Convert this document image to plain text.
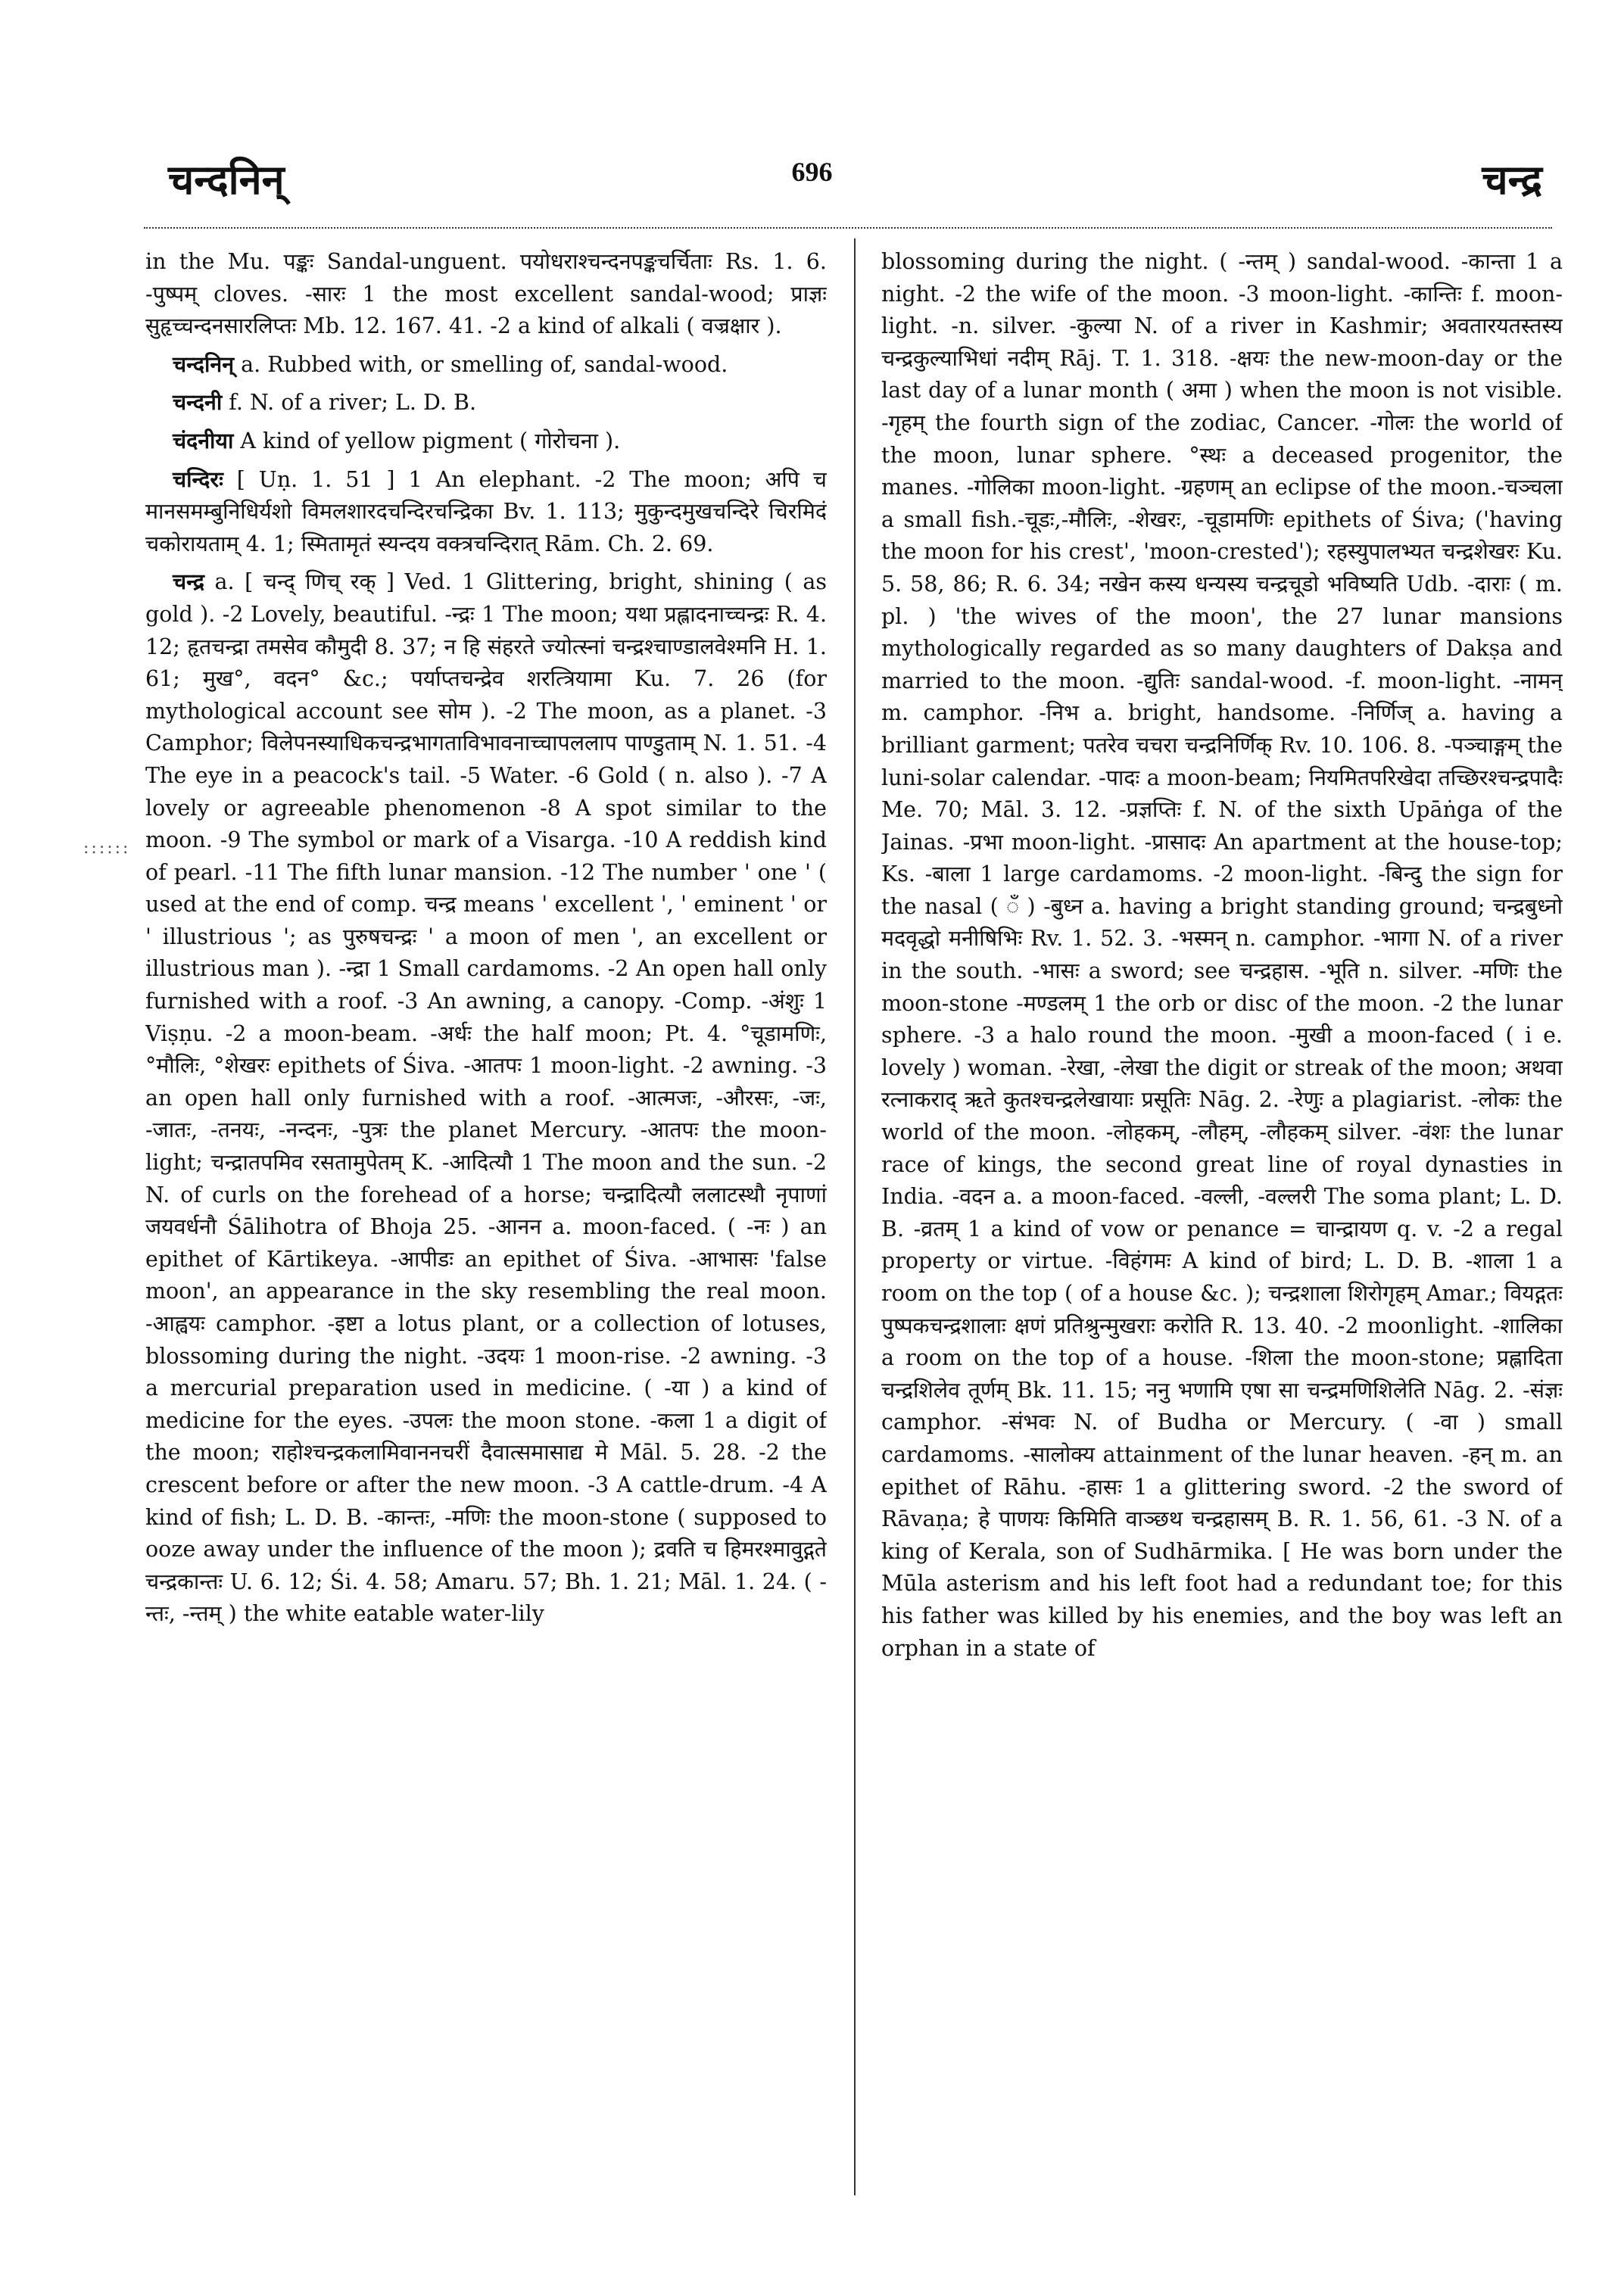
चन्दनिन्	696	चन्द्र
::::::

in the Mu. पङ्कः Sandal-unguent. पयोधराश्चन्दनपङ्कचर्चिताः Rs. 1. 6. -पुष्पम् cloves. -सारः 1 the most excellent sandal-wood; प्राज्ञः सुहृच्चन्दनसारलिप्तः Mb. 12. 167. 41. -2 a kind of alkali ( वज्रक्षार ).

चन्दनिन् a. Rubbed with, or smelling of, sandal-wood.

चन्दनी f. N. of a river; L. D. B.

चंदनीया A kind of yellow pigment ( गोरोचना ).

चन्दिरः [ Uṇ. 1. 51 ] 1 An elephant. -2 The moon; अपि च मानसमम्बुनिधिर्यशो विमलशारदचन्दिरचन्द्रिका Bv. 1. 113; मुकुन्दमुखचन्दिरे चिरमिदं चकोरायताम् 4. 1; स्मितामृतं स्यन्दय वक्त्रचन्दिरात् Rām. Ch. 2. 69.

चन्द्र a. [ चन्द् णिच् रक् ] Ved. 1 Glittering, bright, shining ( as gold ). -2 Lovely, beautiful. -न्द्रः 1 The moon; यथा प्रह्लादनाच्चन्द्रः R. 4. 12; हृतचन्द्रा तमसेव कौमुदी 8. 37; न हि संहरते ज्योत्स्नां चन्द्रश्चाण्डालवेश्मनि H. 1. 61; मुख°, वदन° &c.; पर्याप्तचन्द्रेव शरत्त्रियामा Ku. 7. 26 (for mythological account see सोम ). -2 The moon, as a planet. -3 Camphor; विलेपनस्याधिकचन्द्रभागताविभावनाच्चापललाप पाण्डुताम् N. 1. 51. -4 The eye in a peacock's tail. -5 Water. -6 Gold ( n. also ). -7 A lovely or agreeable phenomenon -8 A spot similar to the moon. -9 The symbol or mark of a Visarga. -10 A reddish kind of pearl. -11 The fifth lunar mansion. -12 The number ' one ' ( used at the end of comp. चन्द्र means ' excellent ', ' eminent ' or ' illustrious '; as पुरुषचन्द्रः ' a moon of men ', an excellent or illustrious man ). -न्द्रा 1 Small cardamoms. -2 An open hall only furnished with a roof. -3 An awning, a canopy. -Comp. -अंशुः 1 Viṣṇu. -2 a moon-beam. -अर्धः the half moon; Pt. 4. °चूडामणिः, °मौलिः, °शेखरः epithets of Śiva. -आतपः 1 moon-light. -2 awning. -3 an open hall only furnished with a roof. -आत्मजः, -औरसः, -जः, -जातः, -तनयः, -नन्दनः, -पुत्रः the planet Mercury. -आतपः the moon-light; चन्द्रातपमिव रसतामुपेतम् K. -आदित्यौ 1 The moon and the sun. -2 N. of curls on the forehead of a horse; चन्द्रादित्यौ ललाटस्थौ नृपाणां जयवर्धनौ Śālihotra of Bhoja 25. -आनन a. moon-faced. ( -नः ) an epithet of Kārtikeya. -आपीडः an epithet of Śiva. -आभासः 'false moon', an appearance in the sky resembling the real moon. -आह्वयः camphor. -इष्टा a lotus plant, or a collection of lotuses, blossoming during the night. -उदयः 1 moon-rise. -2 awning. -3 a mercurial preparation used in medicine. ( -या ) a kind of medicine for the eyes. -उपलः the moon stone. -कला 1 a digit of the moon; राहोश्चन्द्रकलामिवाननचरीं दैवात्समासाद्य मे Māl. 5. 28. -2 the crescent before or after the new moon. -3 A cattle-drum. -4 A kind of fish; L. D. B. -कान्तः, -मणिः the moon-stone ( supposed to ooze away under the influence of the moon ); द्रवति च हिमरश्मावुद्गते चन्द्रकान्तः U. 6. 12; Śi. 4. 58; Amaru. 57; Bh. 1. 21; Māl. 1. 24. ( -न्तः, -न्तम् ) the white eatable water-lily

blossoming during the night. ( -न्तम् ) sandal-wood. -कान्ता 1 a night. -2 the wife of the moon. -3 moon-light. -कान्तिः f. moon-light. -n. silver. -कुल्या N. of a river in Kashmir; अवतारयतस्तस्य चन्द्रकुल्याभिधां नदीम् Rāj. T. 1. 318. -क्षयः the new-moon-day or the last day of a lunar month ( अमा ) when the moon is not visible. -गृहम् the fourth sign of the zodiac, Cancer. -गोलः the world of the moon, lunar sphere. °स्थः a deceased progenitor, the manes. -गोलिका moon-light. -ग्रहणम् an eclipse of the moon.-चञ्चला a small fish.-चूडः,-मौलिः, -शेखरः, -चूडामणिः epithets of Śiva; ('having the moon for his crest', 'moon-crested'); रहस्युपालभ्यत चन्द्रशेखरः Ku. 5. 58, 86; R. 6. 34; नखेन कस्य धन्यस्य चन्द्रचूडो भविष्यति Udb. -दाराः ( m. pl. ) 'the wives of the moon', the 27 lunar mansions mythologically regarded as so many daughters of Dakṣa and married to the moon. -द्युतिः sandal-wood. -f. moon-light. -नामन् m. camphor. -निभ a. bright, handsome. -निर्णिज् a. having a brilliant garment; पतरेव चचरा चन्द्रनिर्णिक् Rv. 10. 106. 8. -पञ्चाङ्गम् the luni-solar calendar. -पादः a moon-beam; नियमितपरिखेदा तच्छिरश्चन्द्रपादैः Me. 70; Māl. 3. 12. -प्रज्ञप्तिः f. N. of the sixth Upāṅga of the Jainas. -प्रभा moon-light. -प्रासादः An apartment at the house-top; Ks. -बाला 1 large cardamoms. -2 moon-light. -बिन्दु the sign for the nasal ( ँ ) -बुध्न a. having a bright standing ground; चन्द्रबुध्नो मदवृद्धो मनीषिभिः Rv. 1. 52. 3. -भस्मन् n. camphor. -भागा N. of a river in the south. -भासः a sword; see चन्द्रहास. -भूति n. silver. -मणिः the moon-stone -मण्डलम् 1 the orb or disc of the moon. -2 the lunar sphere. -3 a halo round the moon. -मुखी a moon-faced ( i e. lovely ) woman. -रेखा, -लेखा the digit or streak of the moon; अथवा रत्नाकराद् ऋते कुतश्चन्द्रलेखायाः प्रसूतिः Nāg. 2. -रेणुः a plagiarist. -लोकः the world of the moon. -लोहकम्, -लौहम्, -लौहकम् silver. -वंशः the lunar race of kings, the second great line of royal dynasties in India. -वदन a. a moon-faced. -वल्ली, -वल्लरी The soma plant; L. D. B. -व्रतम् 1 a kind of vow or penance = चान्द्रायण q. v. -2 a regal property or virtue. -विहंगमः A kind of bird; L. D. B. -शाला 1 a room on the top ( of a house &c. ); चन्द्रशाला शिरोगृहम् Amar.; वियद्गतः पुष्पकचन्द्रशालाः क्षणं प्रतिश्रुन्मुखराः करोति R. 13. 40. -2 moonlight. -शालिका a room on the top of a house. -शिला the moon-stone; प्रह्लादिता चन्द्रशिलेव तूर्णम् Bk. 11. 15; ननु भणामि एषा सा चन्द्रमणिशिलेति Nāg. 2. -संज्ञः camphor. -संभवः N. of Budha or Mercury. ( -वा ) small cardamoms. -सालोक्य attainment of the lunar heaven. -हन् m. an epithet of Rāhu. -हासः 1 a glittering sword. -2 the sword of Rāvaṇa; हे पाणयः किमिति वाञ्छथ चन्द्रहासम् B. R. 1. 56, 61. -3 N. of a king of Kerala, son of Sudhārmika. [ He was born under the Mūla asterism and his left foot had a redundant toe; for this his father was killed by his enemies, and the boy was left an orphan in a state of
